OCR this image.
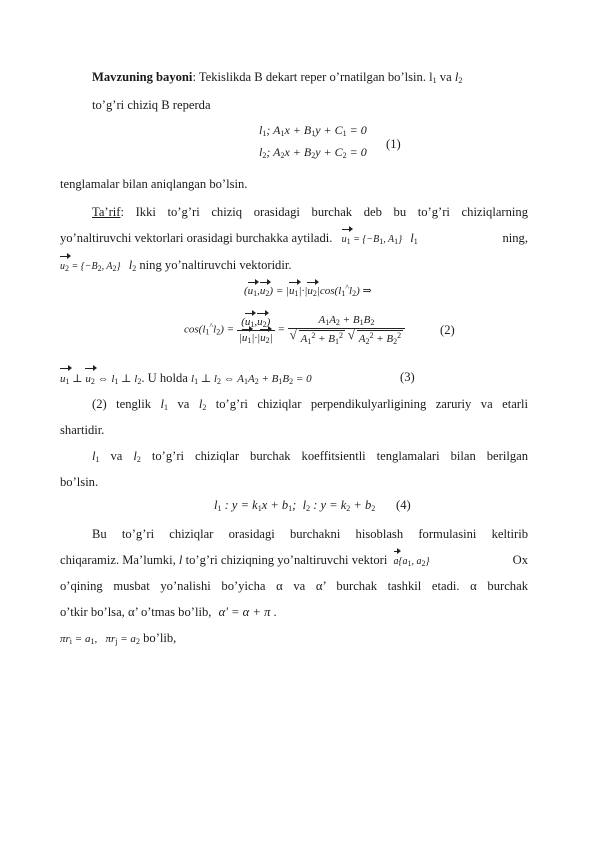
Mavzuning bayoni: Tekislikda B dekart reper o’rnatilgan bo’lsin. $l_1$ va $l_2$
to’g’ri chiziq B reperda
$l_1$; $A_1x + B_1y + C_1 = 0$
$l_2$; $A_2x + B_2y + C_2 = 0$
(1)
tenglamalar bilan aniqlangan bo’lsin.
Ta’rif: Ikki to’g’ri chiziq orasidagi burchak deb bu to’g’ri chiziqlarning
yo’naltiruvchi vektorlari orasidagi burchakka aytiladi. $u_1 = \{-B_1$, $A_1$} $l_1$	ning,
$u_2 = \{-B_2$, $A_2$} $l_2$ ning yo’naltiruvchi vektoridir.
$(u_1,u_2) = |u_1|\cdot|u_2|\cos(l_1^{\^{}}l_2)$ ⇒
$\cos(l_1^{\^{}}l_2) = \frac{(u_1,u_2)}{|u_1|\cdot|u_2|} = A_1A_2 + B_1B_2$
√ $A_1^2 + B_1^2$ √ $A_2^2 + B_2^2$	(2)
$u_1$ ⊥ $u_2$ ⇔ $l_1$ ⊥ $l_2$. U holda $l_1$ ⊥ $l_2$ ⇔ $A_1A_2 + B_1B_2 = 0$	(3)
(2) tenglik $l_1$ va $l_2$ to’g’ri chiziqlar perpendikulyarligining zaruriy va etarli
shartidir.
$l_1$ va $l_2$ to’g’ri chiziqlar burchak koeffitsientli tenglamalari bilan berilgan
bo’lsin.
$l_1$ : $y = k_1x + b_1$;  $l_2$ : $y = k_2 + b_2$ (4)
Bu to’g’ri chiziqlar orasidagi burchakni hisoblash formulasini keltirib
chiqaramiz. Ma’lumki, l to’g’ri chiziqning yo’naltiruvchi vektori $a\{a_1$, $a_2$}	Ox
o’qining musbat yo’nalishi bo’yicha α va α’ burchak tashkil etadi. α burchak
o’tkir bo’lsa, α’ o’tmas bo’lib, α' = α + π .
$\pi r_i = a_1$,   $\pi r_j = a_2$ bo’lib,
